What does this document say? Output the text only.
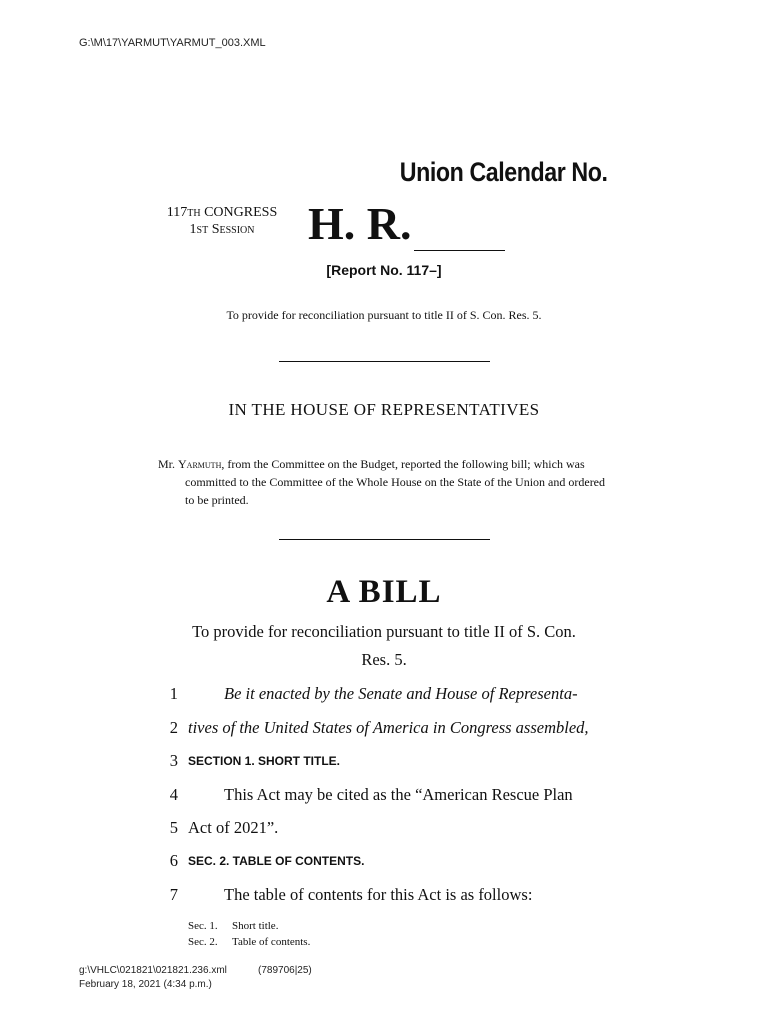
G:\M\17\YARMUT\YARMUT_003.XML
Union Calendar No.
117TH CONGRESS
1ST Session	H. R.
[Report No. 117–]
To provide for reconciliation pursuant to title II of S. Con. Res. 5.
IN THE HOUSE OF REPRESENTATIVES

Mr. Yarmuth, from the Committee on the Budget, reported the following bill; which was committed to the Committee of the Whole House on the State of the Union and ordered to be printed.

A BILL
To provide for reconciliation pursuant to title II of S. Con.
Res. 5.
1	Be it enacted by the Senate and House of Representa-
2 tives of the United States of America in Congress assembled,
3 SECTION 1. SHORT TITLE.
4	This Act may be cited as the “American Rescue Plan
5 Act of 2021”.
6 SEC. 2. TABLE OF CONTENTS.
7	The table of contents for this Act is as follows:
Sec. 1. Short title.
Sec. 2. Table of contents.
g:\VHLC\021821\021821.236.xml	(789706|25)
February 18, 2021 (4:34 p.m.)
